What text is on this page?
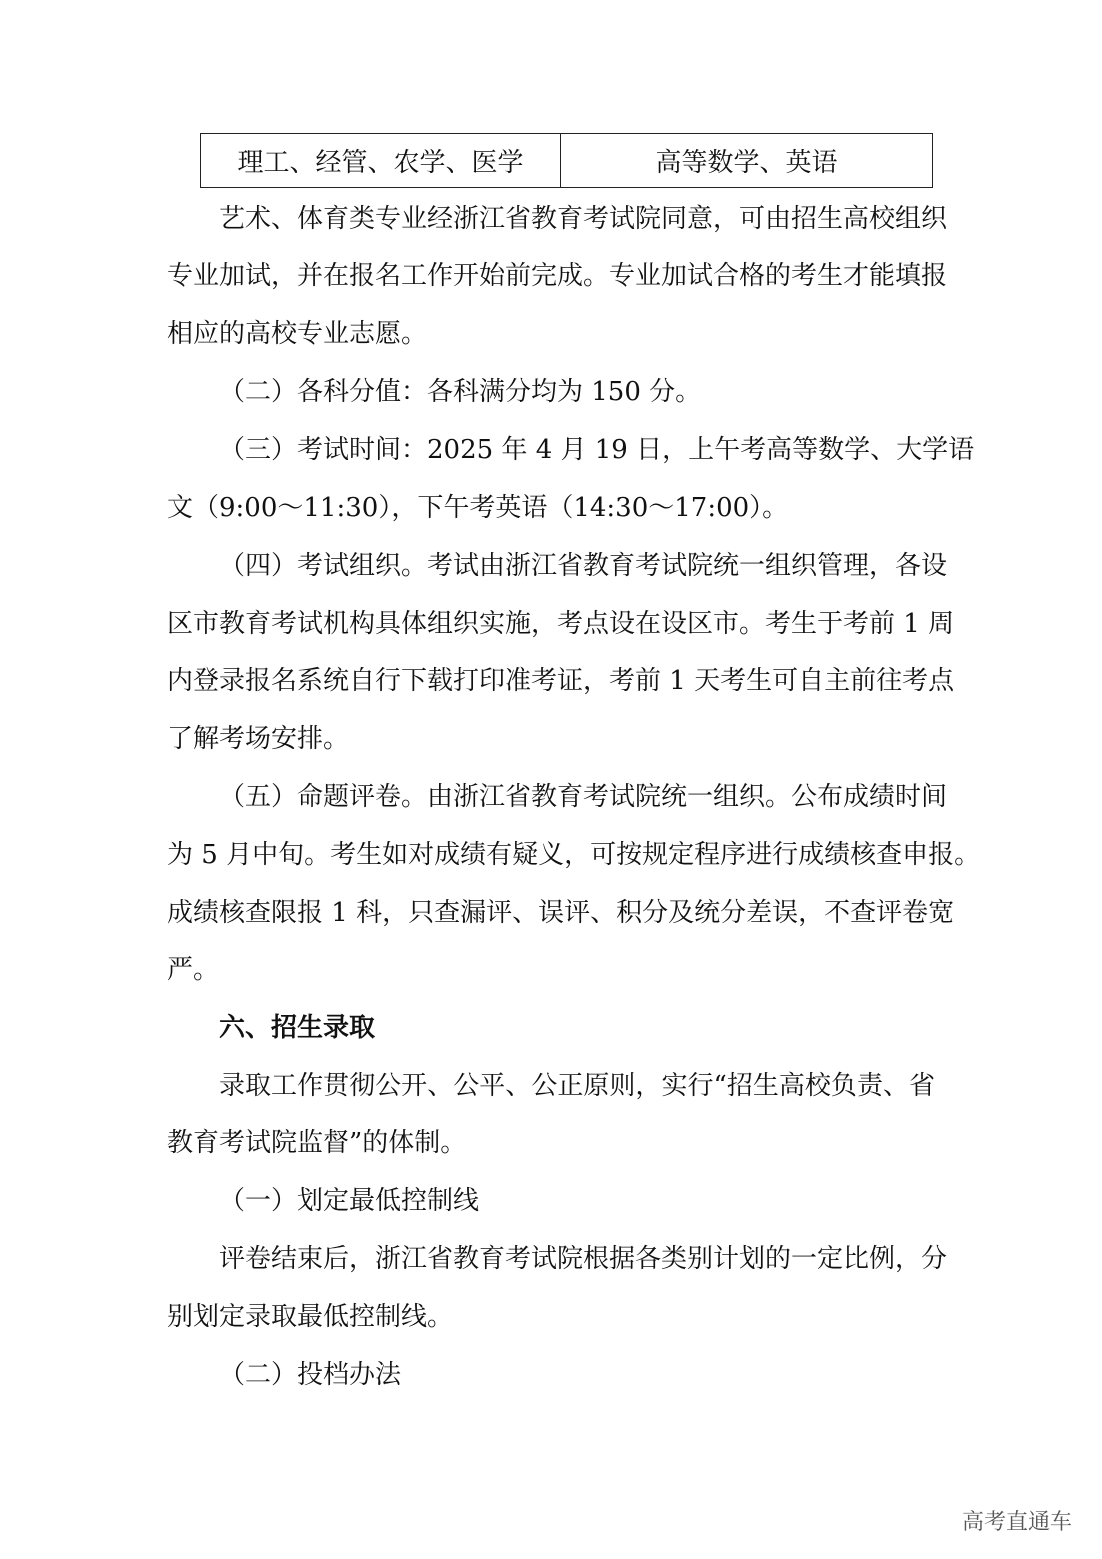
理工、经管、农学、医学	高等数学、英语
艺术、体育类专业经浙江省教育考试院同意，可由招生高校组织
专业加试，并在报名工作开始前完成。专业加试合格的考生才能填报
相应的高校专业志愿。
（二）各科分值：各科满分均为 150 分。
（三）考试时间：2025 年 4 月 19 日，上午考高等数学、大学语
文（9:00～11:30），下午考英语（14:30～17:00）。
（四）考试组织。考试由浙江省教育考试院统一组织管理，各设
区市教育考试机构具体组织实施，考点设在设区市。考生于考前 1 周
内登录报名系统自行下载打印准考证，考前 1 天考生可自主前往考点
了解考场安排。
（五）命题评卷。由浙江省教育考试院统一组织。公布成绩时间
为 5 月中旬。考生如对成绩有疑义，可按规定程序进行成绩核查申报。
成绩核查限报 1 科，只查漏评、误评、积分及统分差误，不查评卷宽
严。
六、招生录取
录取工作贯彻公开、公平、公正原则，实行“招生高校负责、省
教育考试院监督”的体制。
（一）划定最低控制线
评卷结束后，浙江省教育考试院根据各类别计划的一定比例，分
别划定录取最低控制线。
（二）投档办法
高考直通车
